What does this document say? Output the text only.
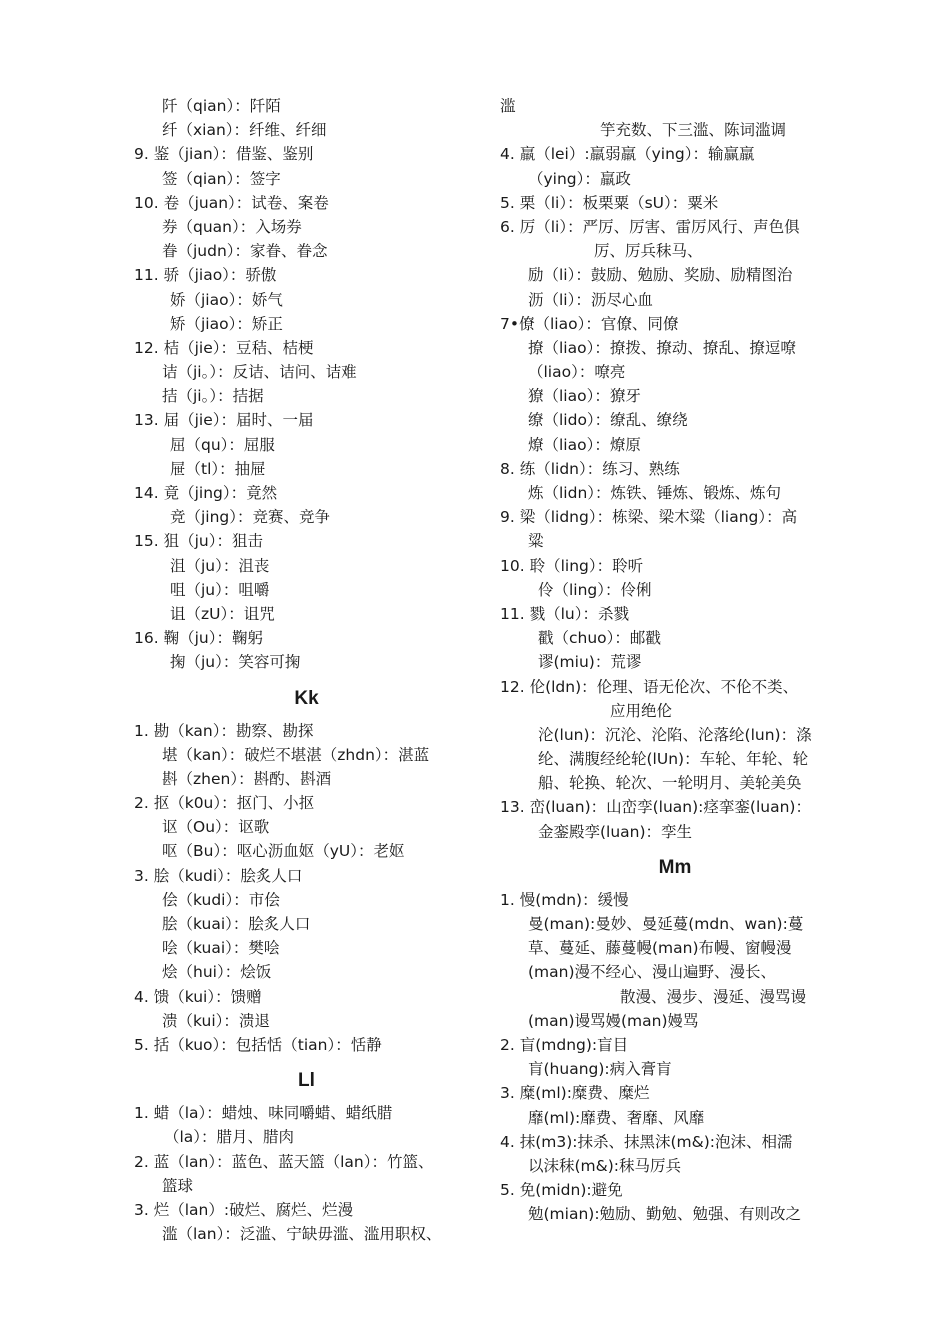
阡（qian）：阡陌
纤（xian）：纤维、纤细
9. 鉴（jian）：借鉴、鉴别
签（qian）：签字
10. 卷（juan）：试卷、案卷
券（quan）：入场券
眷（judn）：家眷、眷念
11. 骄（jiao）：骄傲
娇（jiao）：娇气
矫（jiao）：矫正
12. 桔（jie）：豆秸、桔梗
诘（ji。）：反诘、诘问、诘难
拮（ji。）：拮据
13. 届（jie）：届时、一届
屈（qu）：屈服
屉（tl）：抽屉
14. 竟（jing）：竟然
竞（jing）：竞赛、竞争
15. 狙（ju）：狙击
沮（ju）：沮丧
咀（ju）：咀嚼
诅（zU）：诅咒
16. 鞠（ju）：鞠躬
掬（ju）：笑容可掬
Kk
1. 勘（kan）：勘察、勘探
堪（kan）：破烂不堪湛（zhdn）：湛蓝
斟（zhen）：斟酌、斟酒
2. 抠（k0u）：抠门、小抠
讴（Ou）：讴歌
呕（Bu）：呕心沥血妪（yU）：老妪
3. 脍（kudi）：脍炙人口
侩（kudi）：市侩
脍（kuai）：脍炙人口
哙（kuai）：樊哙
烩（hui）：烩饭
4. 馈（kui）：馈赠
溃（kui）：溃退
5. 括（kuo）：包括恬（tian）：恬静
Ll
1. 蜡（la）：蜡烛、味同嚼蜡、蜡纸腊
（la）：腊月、腊肉
2. 蓝（lan）：蓝色、蓝天篮（lan）：竹篮、
篮球
3. 烂（lan）:破烂、腐烂、烂漫
滥（lan）：泛滥、宁缺毋滥、滥用职权、
滥
竽充数、下三滥、陈词滥调
4. 羸（lei）:羸弱羸（ying）：输赢羸
（ying）：羸政
5. 栗（li）：板栗粟（sU）：粟米
6. 厉（li）：严厉、厉害、雷厉风行、声色俱
厉、厉兵秣马、
励（li）：鼓励、勉励、奖励、励精图治
沥（li）：沥尽心血
7•僚（liao）：官僚、同僚
撩（liao）：撩拨、撩动、撩乱、撩逗嘹
（liao）：嘹亮
獠（liao）：獠牙
缭（lido）：缭乱、缭绕
燎（liao）：燎原
8. 练（lidn）：练习、熟练
炼（lidn）：炼铁、锤炼、锻炼、炼句
9. 梁（lidng）：栋梁、梁木粱（liang）：高
粱
10. 聆（ling）：聆听
伶（ling）：伶俐
11. 戮（lu）：杀戮
戳（chuo）：邮戳
谬(miu)：荒谬
12. 伦(ldn)：伦理、语无伦次、不伦不类、
应用绝伦
沦(lun)：沉沦、沦陷、沦落纶(lun)：涤
纶、满腹经纶轮(lUn)：车轮、年轮、轮
船、轮换、轮次、一轮明月、美轮美奂
13. 峦(luan)：山峦孪(luan):痉挛銮(luan)：
金銮殿孪(luan)：孪生
Mm
1. 慢(mdn)：缓慢
曼(man):曼妙、曼延蔓(mdn、wan):蔓
草、蔓延、藤蔓幔(man)布幔、窗幔漫
(man)漫不经心、漫山遍野、漫长、
散漫、漫步、漫延、漫骂谩
(man)谩骂嫚(man)嫚骂
2. 盲(mdng):盲目
肓(huang):病入膏肓
3. 糜(ml):糜费、糜烂
靡(ml):靡费、奢靡、风靡
4. 抹(m3):抹杀、抹黑沫(m&):泡沫、相濡
以沫秣(m&):秣马厉兵
5. 免(midn):避免
勉(mian):勉励、勤勉、勉强、有则改之
